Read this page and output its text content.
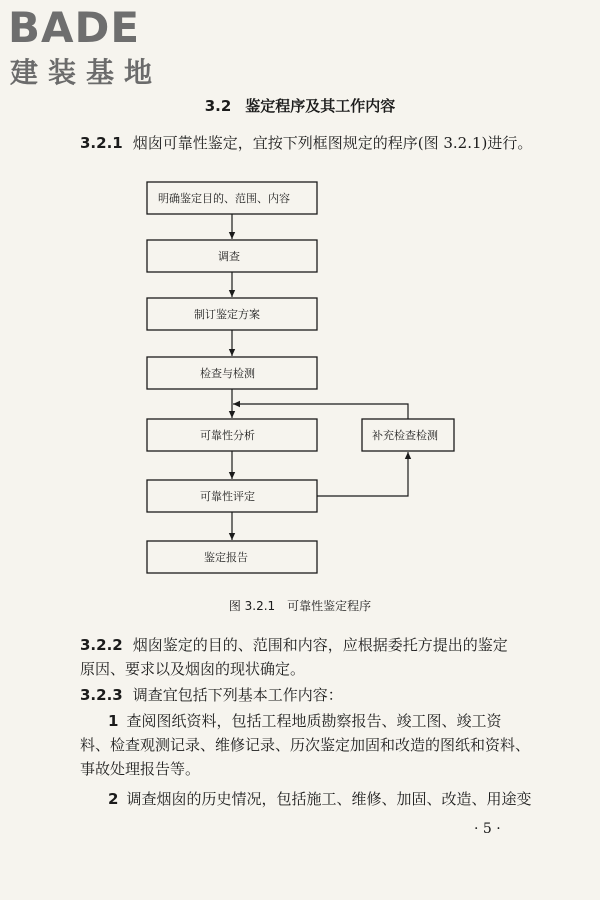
BADE
建装基地
3.2 鉴定程序及其工作内容
3.2.1 烟囱可靠性鉴定，宜按下列框图规定的程序(图 3.2.1)进行。
明确鉴定目的、范围、内容
调查
制订鉴定方案
检查与检测
可靠性分析
可靠性评定
鉴定报告
补充检查检测
图 3.2.1 可靠性鉴定程序
3.2.2 烟囱鉴定的目的、范围和内容，应根据委托方提出的鉴定
原因、要求以及烟囱的现状确定。
3.2.3 调查宜包括下列基本工作内容：
1 查阅图纸资料，包括工程地质勘察报告、竣工图、竣工资
料、检查观测记录、维修记录、历次鉴定加固和改造的图纸和资料、
事故处理报告等。
2 调查烟囱的历史情况，包括施工、维修、加固、改造、用途变
· 5 ·
